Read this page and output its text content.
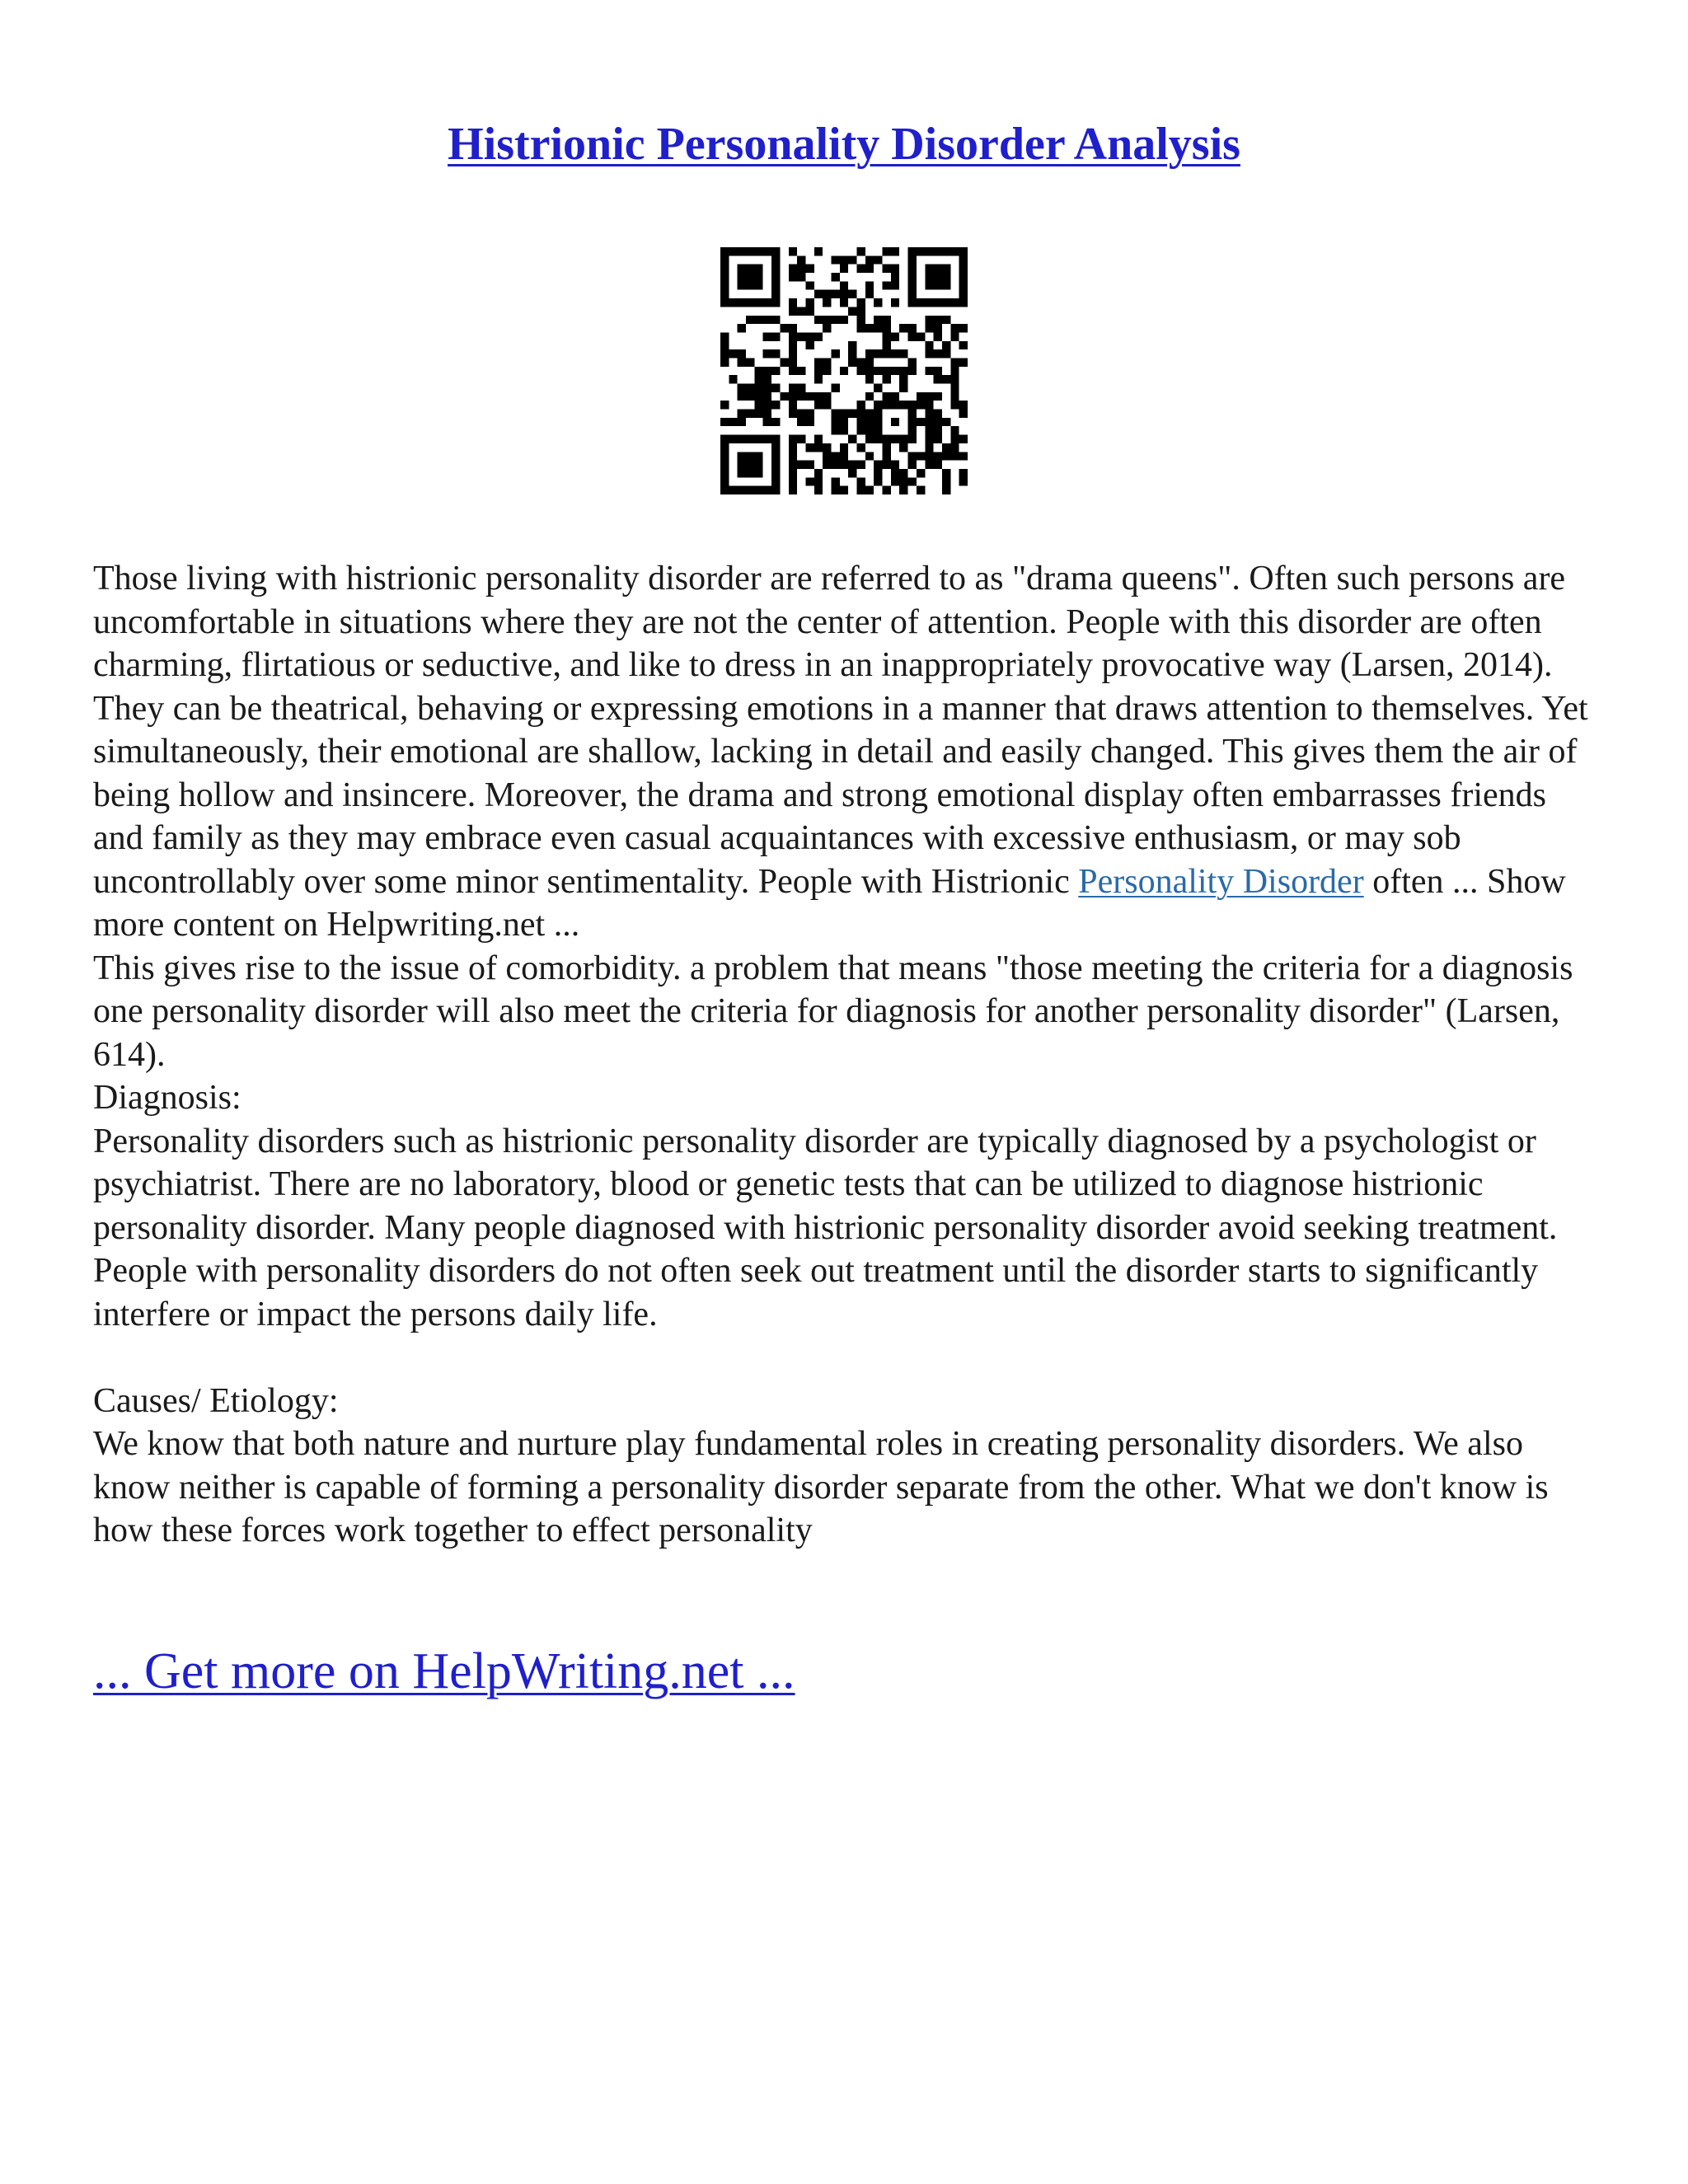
Histrionic Personality Disorder Analysis

Those living with histrionic personality disorder are referred to as "drama queens". Often such persons are uncomfortable in situations where they are not the center of attention. People with this disorder are often charming, flirtatious or seductive, and like to dress in an inappropriately provocative way (Larsen, 2014). They can be theatrical, behaving or expressing emotions in a manner that draws attention to themselves. Yet simultaneously, their emotional are shallow, lacking in detail and easily changed. This gives them the air of being hollow and insincere. Moreover, the drama and strong emotional display often embarrasses friends and family as they may embrace even casual acquaintances with excessive enthusiasm, or may sob uncontrollably over some minor sentimentality. People with Histrionic Personality Disorder often ... Show more content on Helpwriting.net ...

This gives rise to the issue of comorbidity. a problem that means "those meeting the criteria for a diagnosis one personality disorder will also meet the criteria for diagnosis for another personality disorder" (Larsen, 614).

Diagnosis:

Personality disorders such as histrionic personality disorder are typically diagnosed by a psychologist or psychiatrist. There are no laboratory, blood or genetic tests that can be utilized to diagnose histrionic personality disorder. Many people diagnosed with histrionic personality disorder avoid seeking treatment. People with personality disorders do not often seek out treatment until the disorder starts to significantly interfere or impact the persons daily life.

Causes/ Etiology:

We know that both nature and nurture play fundamental roles in creating personality disorders. We also know neither is capable of forming a personality disorder separate from the other. What we don't know is how these forces work together to effect personality

... Get more on HelpWriting.net ...
